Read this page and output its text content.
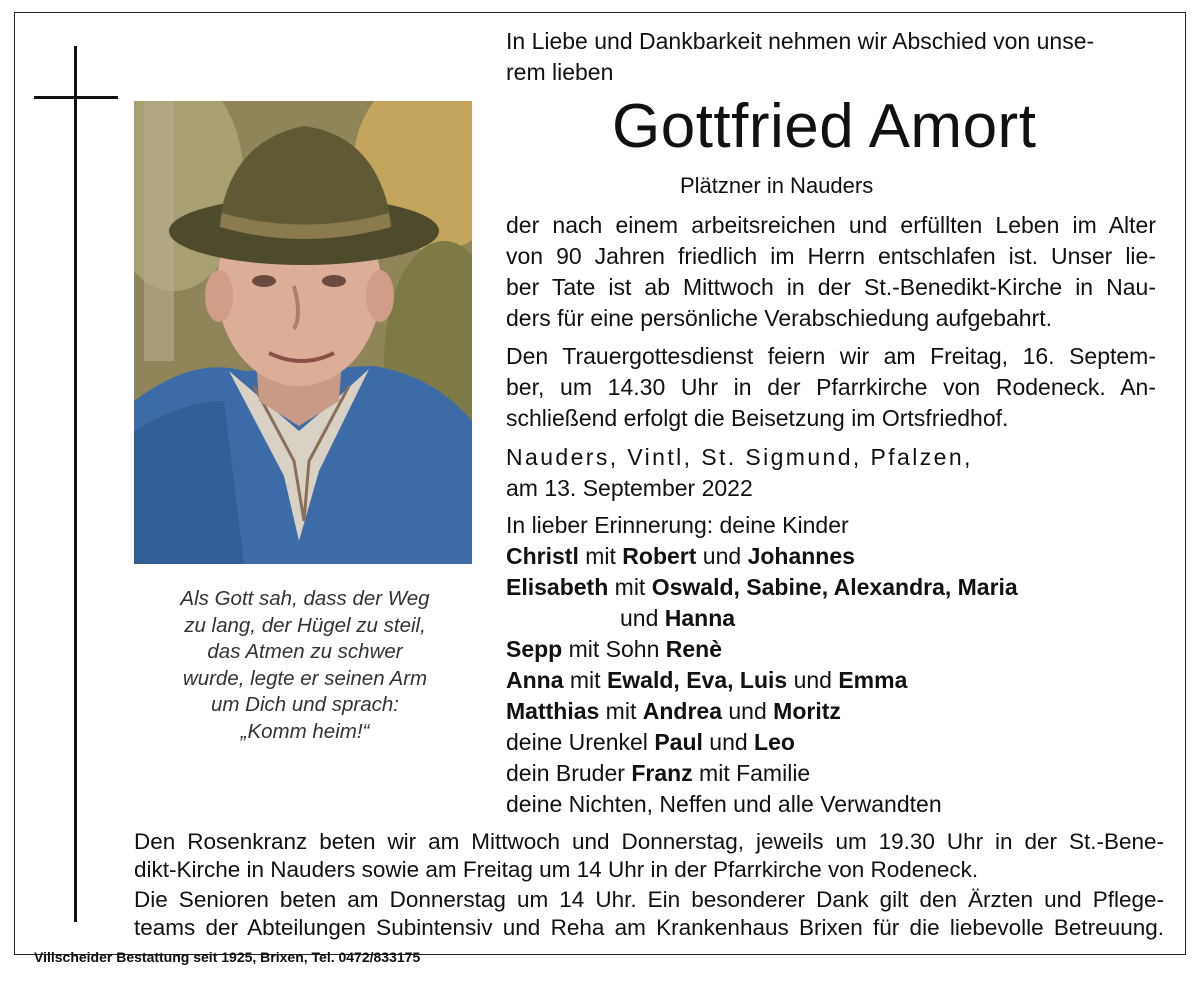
Als Gott sah, dass der Weg
zu lang, der Hügel zu steil,
das Atmen zu schwer
wurde, legte er seinen Arm
um Dich und sprach:
„Komm heim!“
In Liebe und Dankbarkeit nehmen wir Abschied von unse-
rem lieben
Gottfried Amort
Plätzner in Nauders
der nach einem arbeitsreichen und erfüllten Leben im Alter
von 90 Jahren friedlich im Herrn entschlafen ist. Unser lie-
ber Tate ist ab Mittwoch in der St.-Benedikt-Kirche in Nau-
ders für eine persönliche Verabschiedung aufgebahrt.
Den Trauergottesdienst feiern wir am Freitag, 16. Septem-
ber, um 14.30 Uhr in der Pfarrkirche von Rodeneck. An-
schließend erfolgt die Beisetzung im Ortsfriedhof.
Nauders, Vintl, St. Sigmund, Pfalzen,
am 13. September 2022
In lieber Erinnerung: deine Kinder
Christl mit Robert und Johannes
Elisabeth mit Oswald, Sabine, Alexandra, Maria
und Hanna
Sepp mit Sohn Renè
Anna mit Ewald, Eva, Luis und Emma
Matthias mit Andrea und Moritz
deine Urenkel Paul und Leo
dein Bruder Franz mit Familie
deine Nichten, Neffen und alle Verwandten
Den Rosenkranz beten wir am Mittwoch und Donnerstag, jeweils um 19.30 Uhr in der St.-Bene-
dikt-Kirche in Nauders sowie am Freitag um 14 Uhr in der Pfarrkirche von Rodeneck.
Die Senioren beten am Donnerstag um 14 Uhr. Ein besonderer Dank gilt den Ärzten und Pflege-
teams der Abteilungen Subintensiv und Reha am Krankenhaus Brixen für die liebevolle Betreuung.
Villscheider Bestattung seit 1925, Brixen, Tel. 0472/833175
